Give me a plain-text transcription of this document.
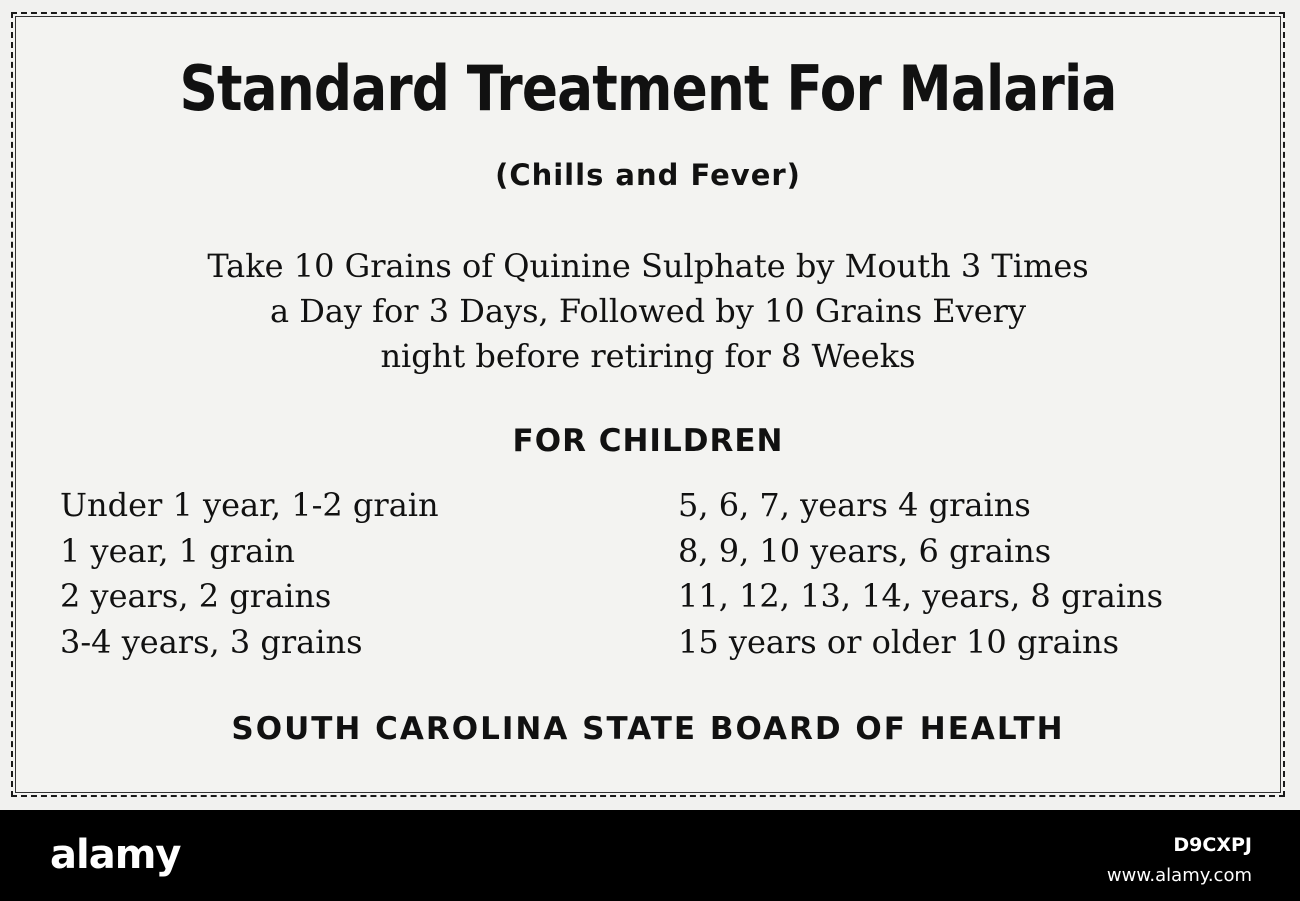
Standard Treatment For Malaria
(Chills and Fever)
Take 10 Grains of Quinine Sulphate by Mouth 3 Times
a Day for 3 Days, Followed by 10 Grains Every
night before retiring for 8 Weeks
FOR CHILDREN
Under 1 year, 1-2 grain
1 year, 1 grain
2 years, 2 grains
3-4 years, 3 grains
5, 6, 7, years 4 grains
8, 9, 10 years, 6 grains
11, 12, 13, 14, years, 8 grains
15 years or older 10 grains
SOUTH CAROLINA STATE BOARD OF HEALTH
alamy	D9CXPJ
www.alamy.com
